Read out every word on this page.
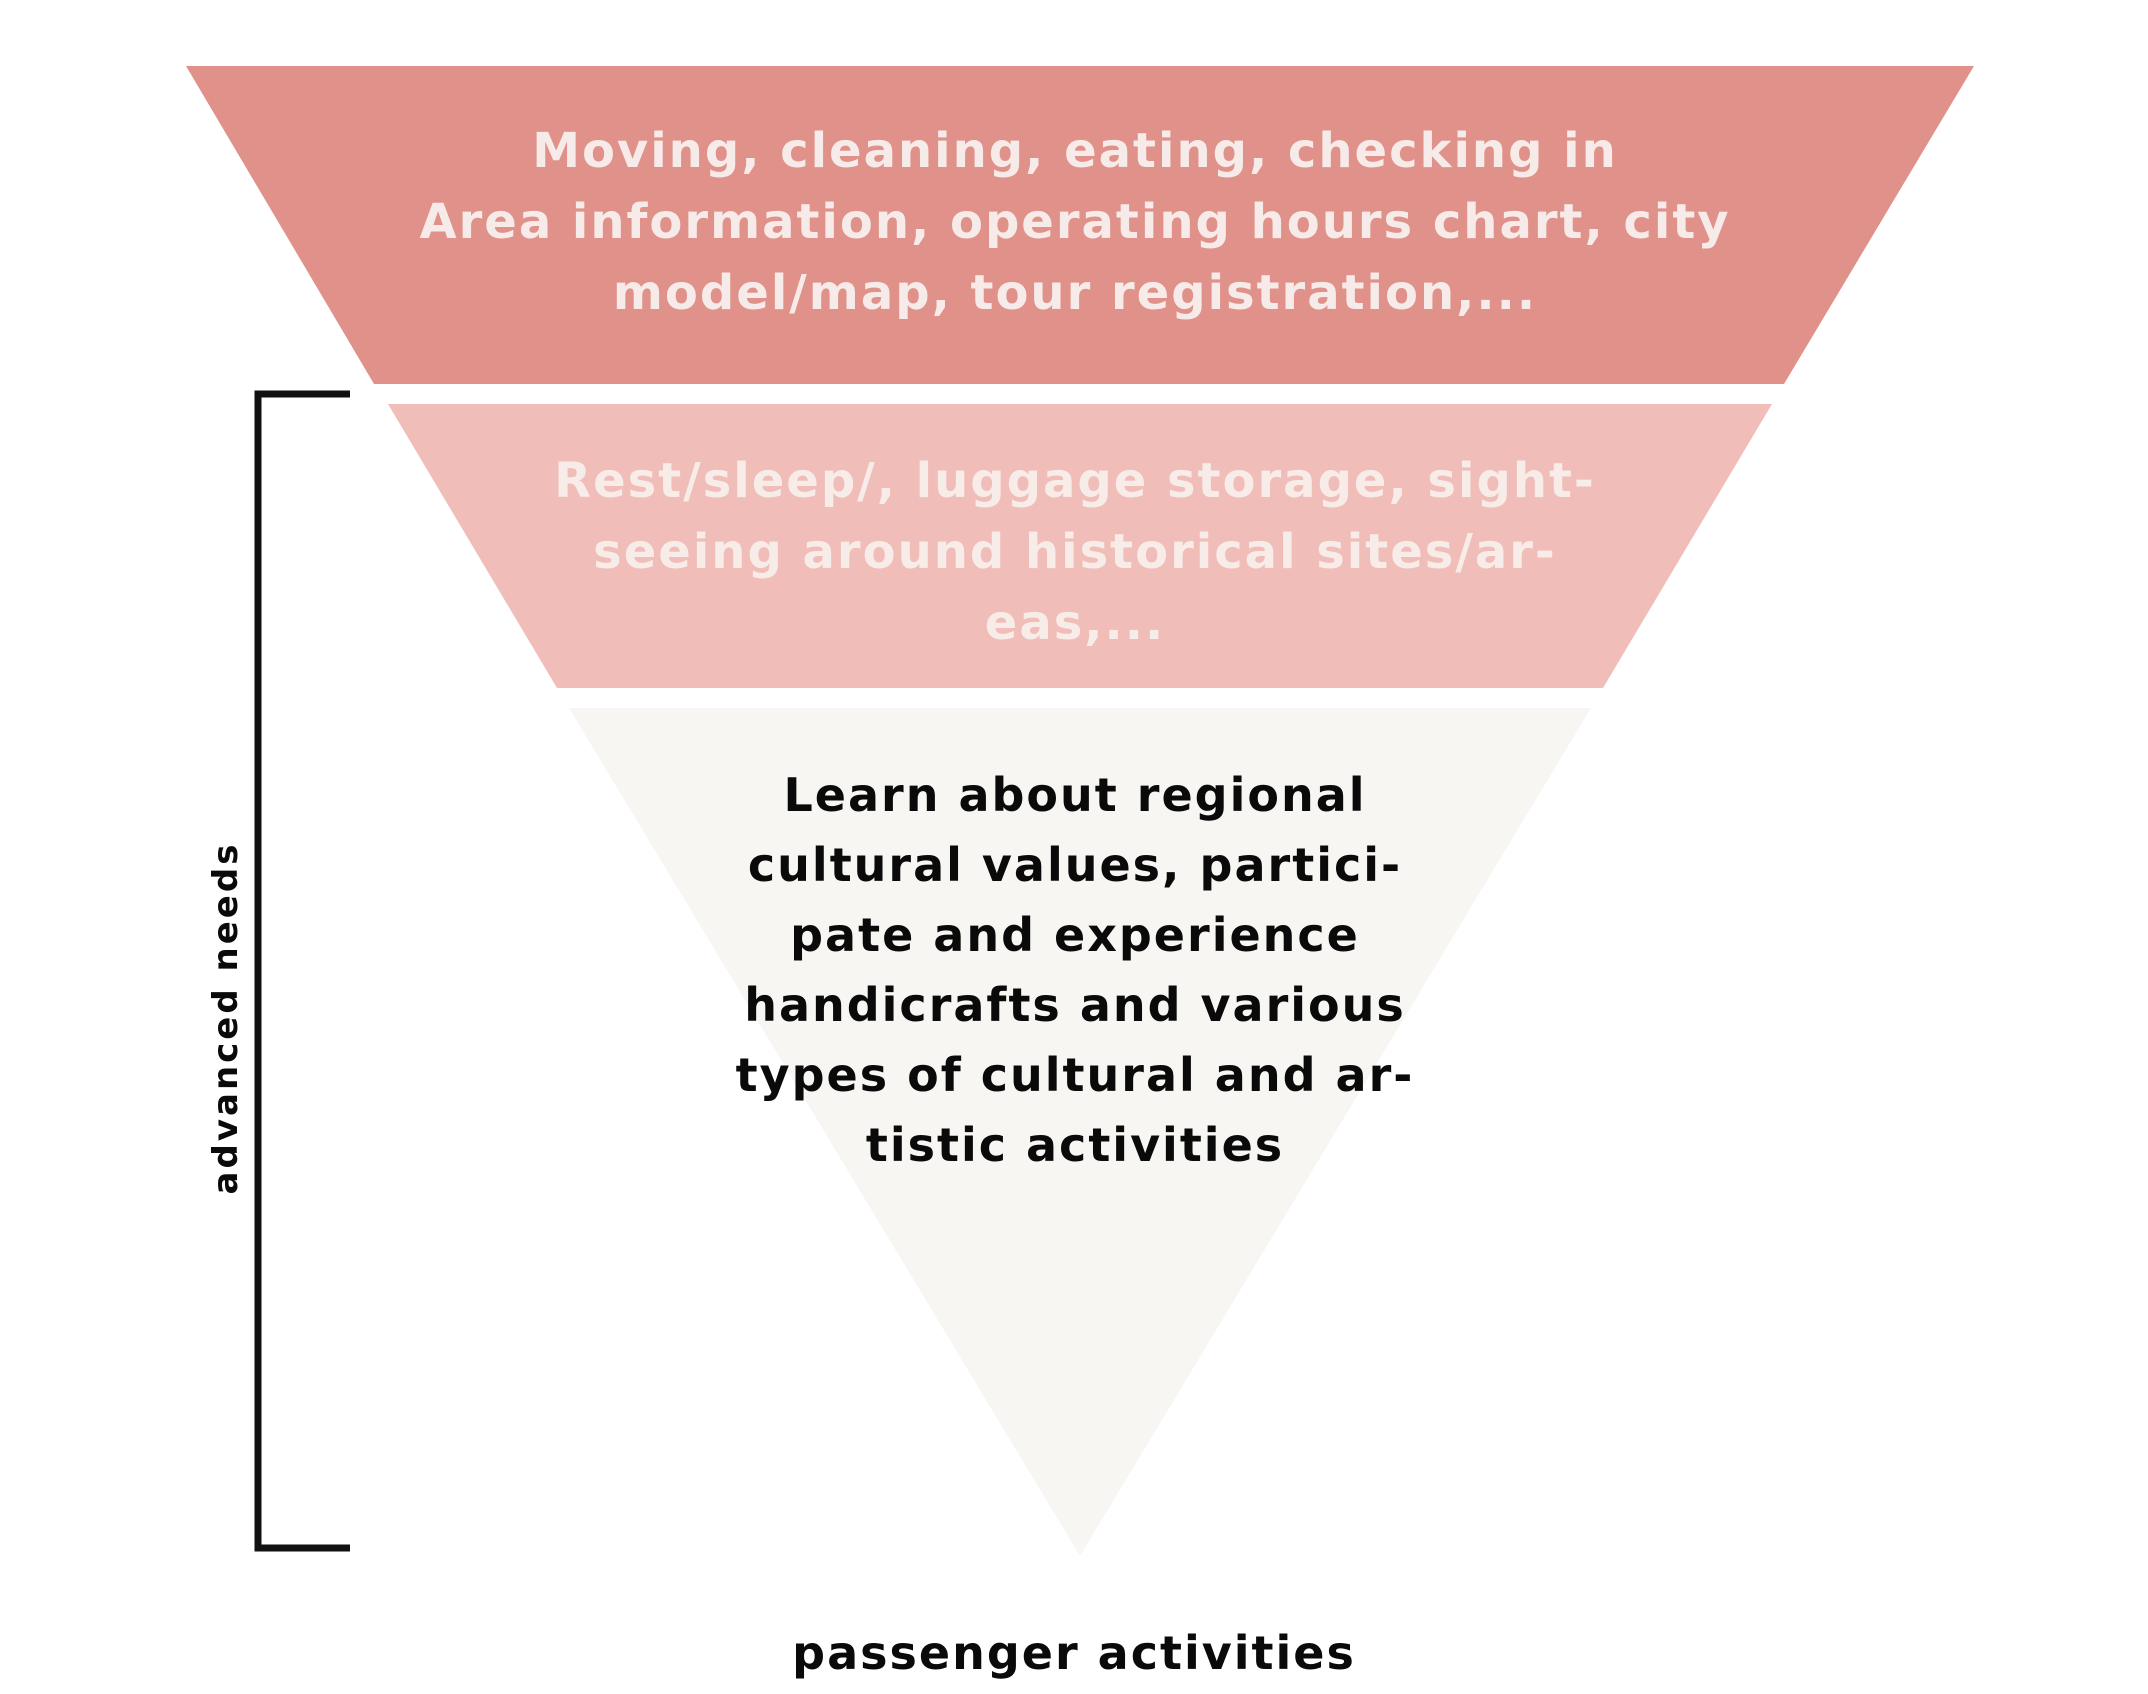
Moving, cleaning, eating, checking in
Area information, operating hours chart, city
model/map, tour registration,...
Rest/sleep/, luggage storage, sight-
seeing around historical sites/ar-
eas,...
Learn about regional
cultural values, partici-
pate and experience
handicrafts and various
types of cultural and ar-
tistic activities
advanced needs
passenger activities
